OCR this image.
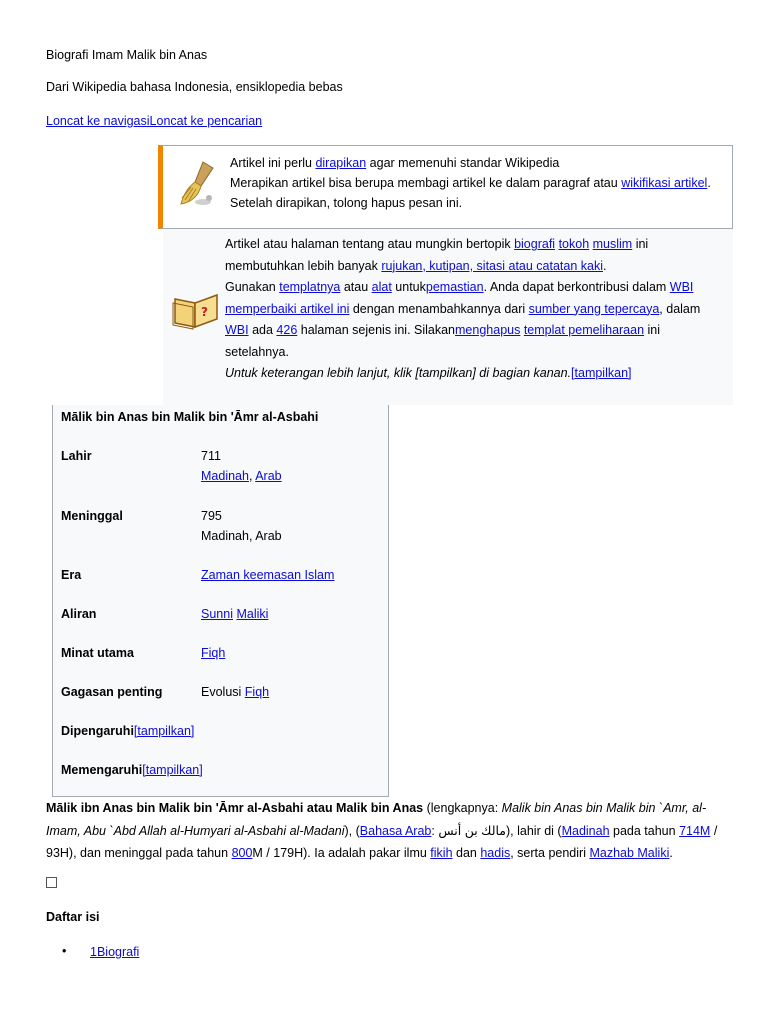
Biografi Imam Malik bin Anas
Dari Wikipedia bahasa Indonesia, ensiklopedia bebas
Loncat ke navigasiLoncat ke pencarian
Artikel ini perlu dirapikan agar memenuhi standar Wikipedia
Merapikan artikel bisa berupa membagi artikel ke dalam paragraf atau wikifikasi artikel.
Setelah dirapikan, tolong hapus pesan ini.
?
Artikel atau halaman tentang atau mungkin bertopik biografi tokoh muslim ini membutuhkan lebih banyak rujukan, kutipan, sitasi atau catatan kaki.
Gunakan templatnya atau alat untukpemastian. Anda dapat berkontribusi dalam WBI memperbaiki artikel ini dengan menambahkannya dari sumber yang tepercaya, dalam WBI ada 426 halaman sejenis ini. Silakanmenghapus templat pemeliharaan ini setelahnya.
Untuk keterangan lebih lanjut, klik [tampilkan] di bagian kanan.[tampilkan]
Mālik bin Anas bin Malik bin 'Āmr al-Asbahi
Lahir	711
Madinah, Arab
Meninggal	795
Madinah, Arab
Era	Zaman keemasan Islam
Aliran	Sunni Maliki
Minat utama	Fiqh
Gagasan penting	Evolusi Fiqh
Dipengaruhi[tampilkan]
Memengaruhi[tampilkan]
Mālik ibn Anas bin Malik bin 'Āmr al-Asbahi atau Malik bin Anas (lengkapnya: Malik bin Anas bin Malik bin `Amr, al-Imam, Abu `Abd Allah al-Humyari al-Asbahi al-Madani), (Bahasa Arab: مالك بن أنس), lahir di (Madinah pada tahun 714M / 93H), dan meninggal pada tahun 800M / 179H). Ia adalah pakar ilmu fikih dan hadis, serta pendiri Mazhab Maliki.
Daftar isi
• 1Biografi
